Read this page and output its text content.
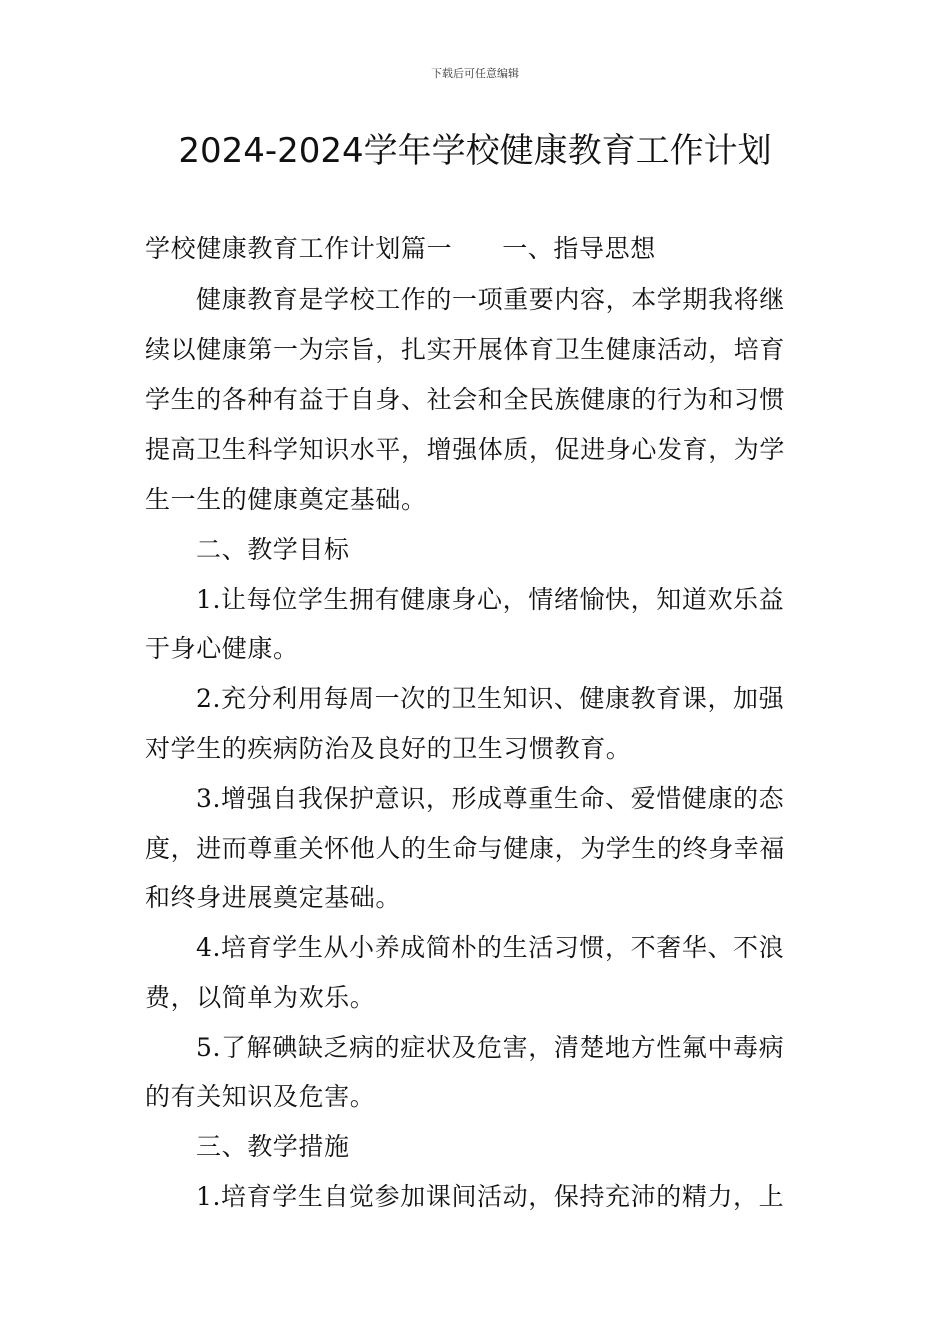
下载后可任意编辑
2024-2024学年学校健康教育工作计划
学校健康教育工作计划篇一 一、指导思想
健康教育是学校工作的一项重要内容，本学期我将继
续以健康第一为宗旨，扎实开展体育卫生健康活动，培育
学生的各种有益于自身、社会和全民族健康的行为和习惯
提高卫生科学知识水平，增强体质，促进身心发育，为学
生一生的健康奠定基础。
二、教学目标
1.让每位学生拥有健康身心，情绪愉快，知道欢乐益
于身心健康。
2.充分利用每周一次的卫生知识、健康教育课，加强
对学生的疾病防治及良好的卫生习惯教育。
3.增强自我保护意识，形成尊重生命、爱惜健康的态
度，进而尊重关怀他人的生命与健康，为学生的终身幸福
和终身进展奠定基础。
4.培育学生从小养成简朴的生活习惯，不奢华、不浪
费，以简单为欢乐。
5.了解碘缺乏病的症状及危害，清楚地方性氟中毒病
的有关知识及危害。
三、教学措施
1.培育学生自觉参加课间活动，保持充沛的精力，上
